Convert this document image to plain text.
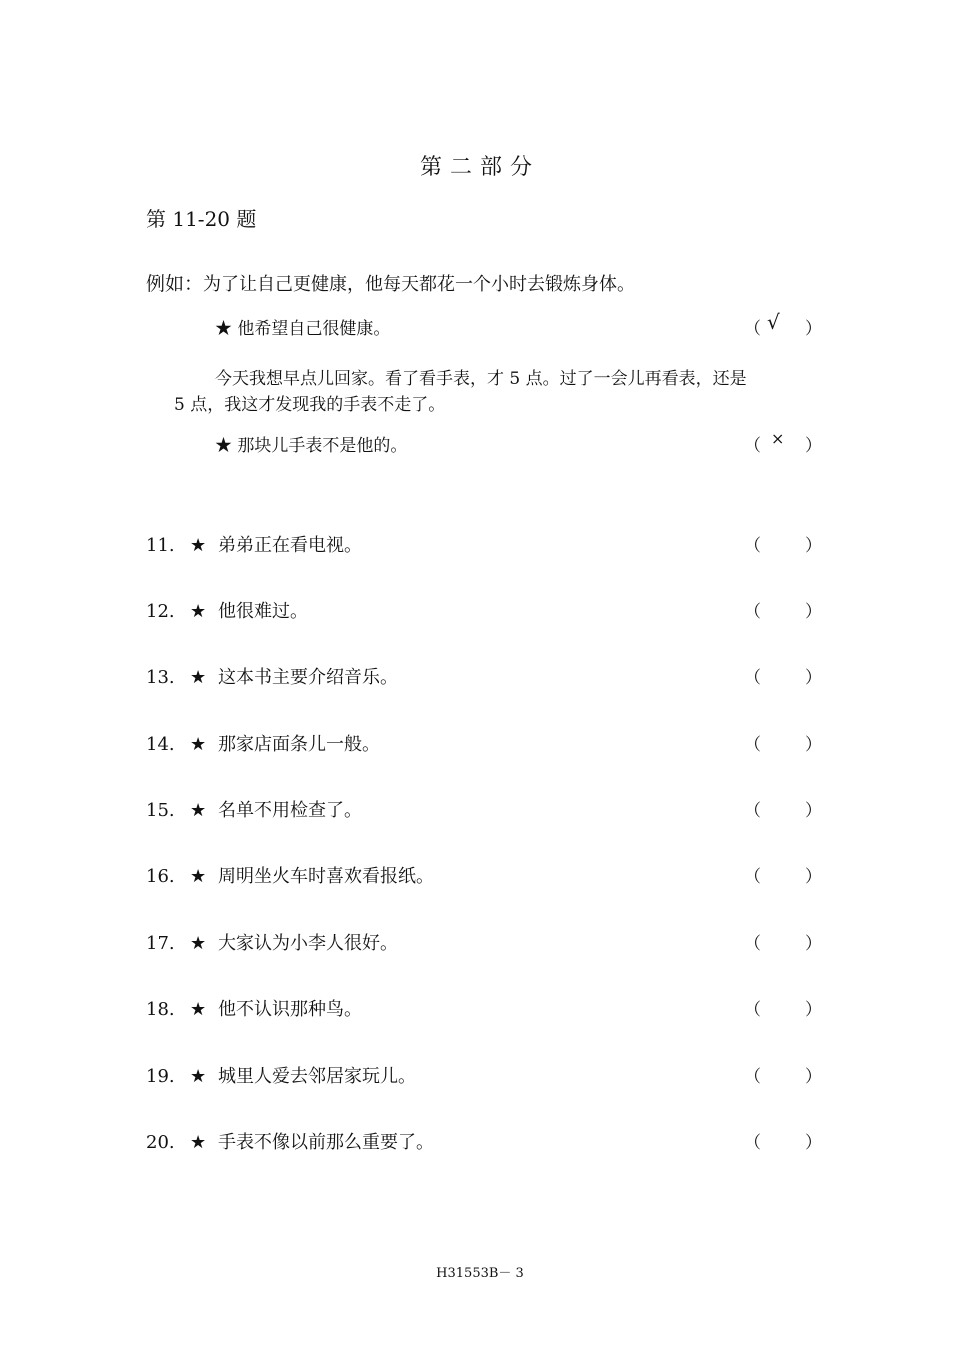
第二部分
第 11-20 题
例如：为了让自己更健康，他每天都花一个小时去锻炼身体。
★ 他希望自己很健康。	（ √ ）
今天我想早点儿回家。看了看手表，才 5 点。过了一会儿再看表，还是
5 点，我这才发现我的手表不走了。
★ 那块儿手表不是他的。	（ × ）
11. ★ 弟弟正在看电视。	（	）
12. ★ 他很难过。	（	）
13. ★ 这本书主要介绍音乐。	（	）
14. ★ 那家店面条儿一般。	（	）
15. ★ 名单不用检查了。	（	）
16. ★ 周明坐火车时喜欢看报纸。	（	）
17. ★ 大家认为小李人很好。	（	）
18. ★ 他不认识那种鸟。	（	）
19. ★ 城里人爱去邻居家玩儿。	（	）
20. ★ 手表不像以前那么重要了。	（	）
H31553B－ 3
